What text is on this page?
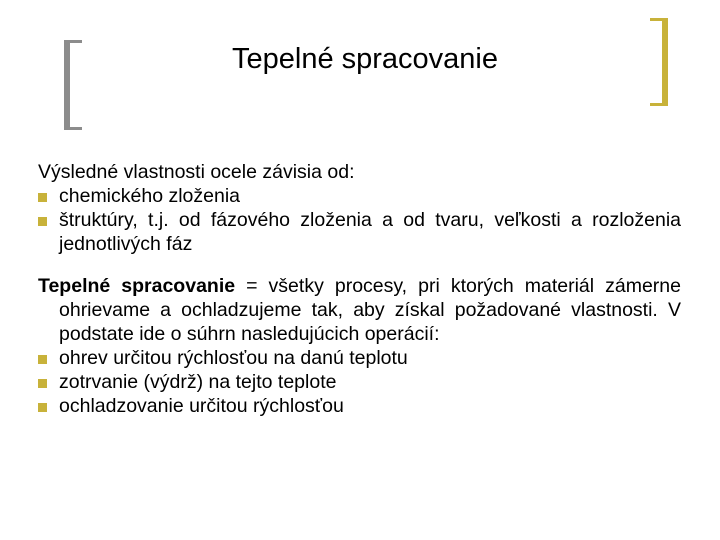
Tepelné spracovanie

Výsledné vlastnosti ocele závisia od:

chemického zloženia
štruktúry, t.j. od fázového zloženia a od tvaru, veľkosti a rozloženia jednotlivých fáz

Tepelné spracovanie = všetky procesy, pri ktorých materiál zámerne ohrievame a ochladzujeme tak, aby získal požadované vlastnosti. V podstate ide o súhrn nasledujúcich operácií:

ohrev určitou rýchlosťou na danú teplotu
zotrvanie (výdrž) na tejto teplote
ochladzovanie určitou rýchlosťou
